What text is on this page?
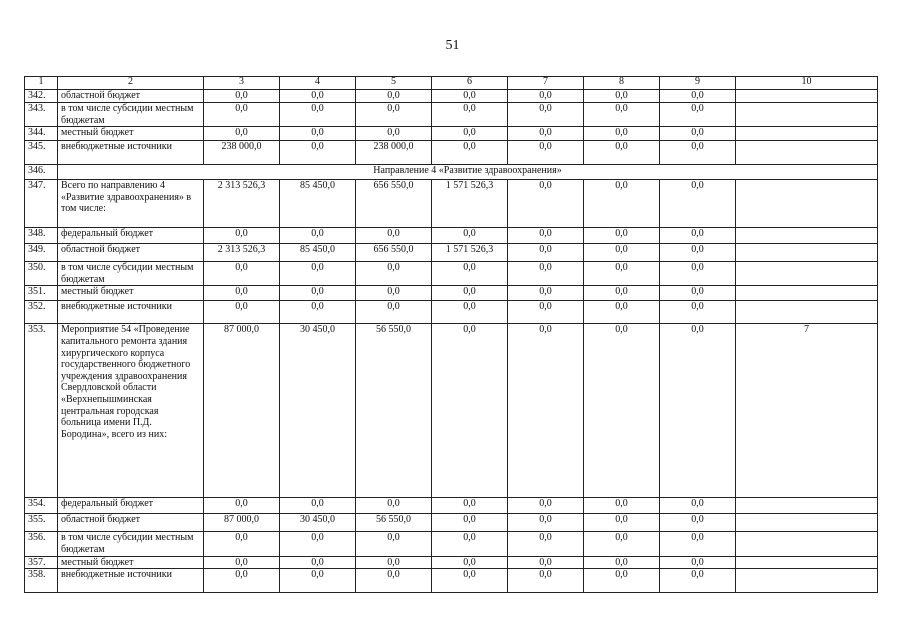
51
1	2	3	4	5	6	7	8	9	10
342.	областной бюджет	0,0	0,0	0,0	0,0	0,0	0,0	0,0	
343.	в том числе субсидии местным бюджетам	0,0	0,0	0,0	0,0	0,0	0,0	0,0	
344.	местный бюджет	0,0	0,0	0,0	0,0	0,0	0,0	0,0	
345.	внебюджетные источники	238 000,0	0,0	238 000,0	0,0	0,0	0,0	0,0	
346.	Направление 4 «Развитие здравоохранения»								
347.	Всего по направлению 4 «Развитие здравоохранения» в том числе:	2 313 526,3	85 450,0	656 550,0	1 571 526,3	0,0	0,0	0,0	
348.	федеральный бюджет	0,0	0,0	0,0	0,0	0,0	0,0	0,0	
349.	областной бюджет	2 313 526,3	85 450,0	656 550,0	1 571 526,3	0,0	0,0	0,0	
350.	в том числе субсидии местным бюджетам	0,0	0,0	0,0	0,0	0,0	0,0	0,0	
351.	местный бюджет	0,0	0,0	0,0	0,0	0,0	0,0	0,0	
352.	внебюджетные источники	0,0	0,0	0,0	0,0	0,0	0,0	0,0	
353.	Мероприятие 54 «Проведение капитального ремонта здания хирургического корпуса государственного бюджетного учреждения здравоохранения Свердловской области «Верхнепышминская центральная городская больница имени П.Д. Бородина», всего из них:	87 000,0	30 450,0	56 550,0	0,0	0,0	0,0	0,0	7
354.	федеральный бюджет	0,0	0,0	0,0	0,0	0,0	0,0	0,0	
355.	областной бюджет	87 000,0	30 450,0	56 550,0	0,0	0,0	0,0	0,0	
356.	в том числе субсидии местным бюджетам	0,0	0,0	0,0	0,0	0,0	0,0	0,0	
357.	местный бюджет	0,0	0,0	0,0	0,0	0,0	0,0	0,0	
358.	внебюджетные источники	0,0	0,0	0,0	0,0	0,0	0,0	0,0	
